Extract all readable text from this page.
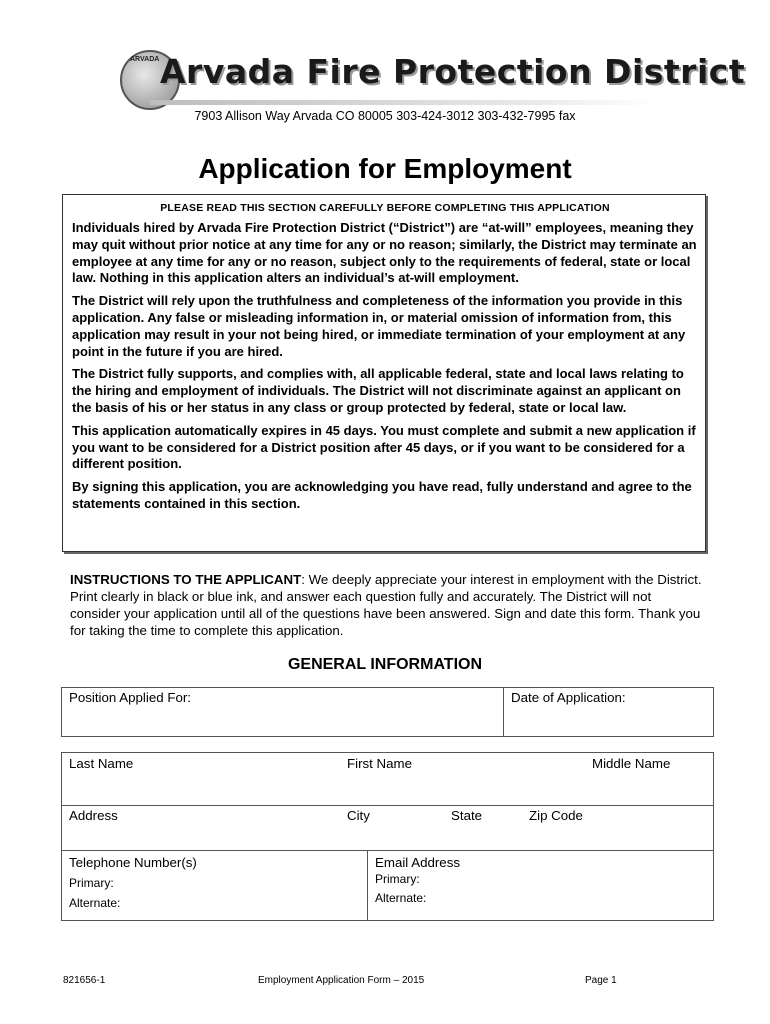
ARVADA Arvada Fire Protection District
7903 Allison Way Arvada CO 80005 303-424-3012 303-432-7995 fax
Application for Employment
PLEASE READ THIS SECTION CAREFULLY BEFORE COMPLETING THIS APPLICATION

Individuals hired by Arvada Fire Protection District (“District”) are “at-will” employees, meaning they may quit without prior notice at any time for any or no reason; similarly, the District may terminate an employee at any time for any or no reason, subject only to the requirements of federal, state or local law. Nothing in this application alters an individual’s at-will employment.

The District will rely upon the truthfulness and completeness of the information you provide in this application. Any false or misleading information in, or material omission of information from, this application may result in your not being hired, or immediate termination of your employment at any point in the future if you are hired.

The District fully supports, and complies with, all applicable federal, state and local laws relating to the hiring and employment of individuals. The District will not discriminate against an applicant on the basis of his or her status in any class or group protected by federal, state or local law.

This application automatically expires in 45 days. You must complete and submit a new application if you want to be considered for a District position after 45 days, or if you want to be considered for a different position.

By signing this application, you are acknowledging you have read, fully understand and agree to the statements contained in this section.

INSTRUCTIONS TO THE APPLICANT: We deeply appreciate your interest in employment with the District. Print clearly in black or blue ink, and answer each question fully and accurately. The District will not consider your application until all of the questions have been answered. Sign and date this form. Thank you for taking the time to complete this application.
GENERAL INFORMATION
Position Applied For:	Date of Application:
Last Name	First Name	Middle Name
Address	City	State	Zip Code
Telephone Number(s)
Primary:
Alternate:
Email Address
Primary:
Alternate:
821656-1	Employment Application Form – 2015	Page 1
